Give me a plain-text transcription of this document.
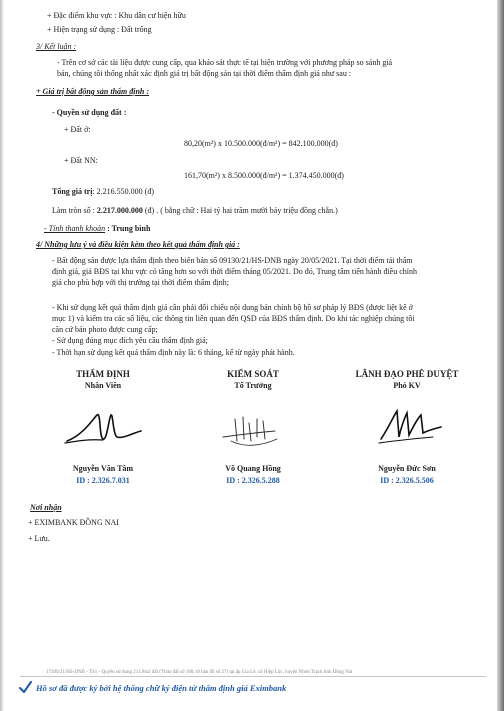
+ Đặc điểm khu vực : Khu dân cư hiện hữu
+ Hiện trạng sử dụng : Đất trống
3/ Kết luận :
- Trên cơ sở các tài liệu được cung cấp, qua khảo sát thực tế tại hiện trường với phương pháp so sánh giá
bán, chúng tôi thống nhất xác định giá trị bất động sản tại thời điểm thẩm định giá như sau :
+ Giá trị bất động sản thẩm định :
- Quyền sử dụng đất :
+ Đất ở:
80,20(m²) x 10.500.000(đ/m²) = 842.100.000(đ)
+ Đất NN:
161,70(m²) x 8.500.000(đ/m²) = 1.374.450.000(đ)
Tổng giá trị: 2.216.550.000 (đ)
Làm tròn số : 2.217.000.000 (đ) . ( bằng chữ : Hai tỷ hai trăm mười bảy triệu đồng chẵn.)
- Tính thanh khoản : Trung bình
4/ Những lưu ý và điều kiện kèm theo kết quả thẩm định giá :
- Bất động sản được lựa thẩm định theo biên bản số 09130/21/HS-DNB ngày 20/05/2021. Tại thời điểm tái thẩm
định giá, giá BĐS tại khu vực có tăng hơn so với thời điểm tháng 05/2021. Do đó, Trung tâm tiến hành điều chỉnh
giá cho phù hợp với thị trường tại thời điểm thẩm định;
- Khi sử dụng kết quả thẩm định giá cần phải đối chiếu nội dung bản chính bộ hồ sơ pháp lý BĐS (được liệt kê ở
mục 1) và kiểm tra các số liệu, các thông tin liên quan đến QSD của BĐS thẩm định. Do khi tác nghiệp chúng tôi
căn cứ bản photo được cung cấp;
- Sử dụng đúng mục đích yêu cầu thẩm định giá;
- Thời hạn sử dụng kết quả thẩm định này là: 6 tháng, kể từ ngày phát hành.
THẨM ĐỊNH
Nhân Viên
Nguyễn Văn Tâm
ID : 2.326.7.031
KIỂM SOÁT
Tổ Trưởng
Võ Quang Hồng
ID : 2.326.5.288
LÃNH ĐẠO PHÊ DUYỆT
Phó KV
Nguyễn Đức Sơn
ID : 2.326.5.506
Nơi nhận
+ EXIMBANK ĐỒNG NAI
+ Lưu.
17209/21/HS-DNB - TS1 - Quyền sử dụng 211,9m2 đất (Thửa đất số 186; tờ bản đồ số 27) tại ấp Gia Lê, xã Hiệp Lộc, huyện Nhơn Trạch tỉnh Đồng Nai
Hồ sơ đã được ký bởi hệ thống chữ ký điện tử thẩm định giá Eximbank
